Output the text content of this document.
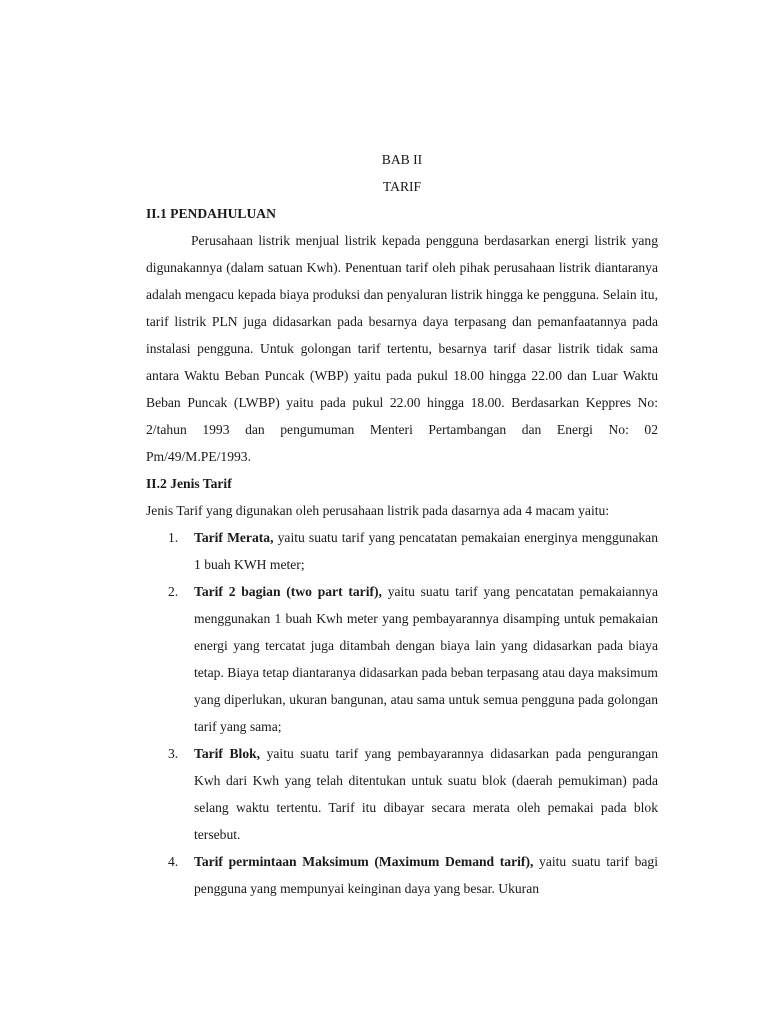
BAB II
TARIF
II.1 PENDAHULUAN

Perusahaan listrik menjual listrik kepada pengguna berdasarkan energi listrik yang digunakannya (dalam satuan Kwh). Penentuan tarif oleh pihak perusahaan listrik diantaranya adalah mengacu kepada biaya produksi dan penyaluran listrik hingga ke pengguna. Selain itu, tarif listrik PLN juga didasarkan pada besarnya daya terpasang dan pemanfaatannya pada instalasi pengguna. Untuk golongan tarif tertentu, besarnya tarif dasar listrik tidak sama antara Waktu Beban Puncak (WBP) yaitu pada pukul 18.00 hingga 22.00 dan Luar Waktu Beban Puncak (LWBP) yaitu pada pukul 22.00 hingga 18.00. Berdasarkan Keppres No: 2/tahun 1993 dan pengumuman Menteri Pertambangan dan Energi No: 02

Pm/49/M.PE/1993.

II.2 Jenis Tarif

Jenis Tarif yang digunakan oleh perusahaan listrik pada dasarnya ada 4 macam yaitu:

1. Tarif Merata, yaitu suatu tarif yang pencatatan pemakaian energinya menggunakan 1 buah KWH meter;
2. Tarif 2 bagian (two part tarif), yaitu suatu tarif yang pencatatan pemakaiannya menggunakan 1 buah Kwh meter yang pembayarannya disamping untuk pemakaian energi yang tercatat juga ditambah dengan biaya lain yang didasarkan pada biaya tetap. Biaya tetap diantaranya didasarkan pada beban terpasang atau daya maksimum yang diperlukan, ukuran bangunan, atau sama untuk semua pengguna pada golongan tarif yang sama;
3. Tarif Blok, yaitu suatu tarif yang pembayarannya didasarkan pada pengurangan Kwh dari Kwh yang telah ditentukan untuk suatu blok (daerah pemukiman) pada selang waktu tertentu. Tarif itu dibayar secara merata oleh pemakai pada blok tersebut.
4. Tarif permintaan Maksimum (Maximum Demand tarif), yaitu suatu tarif bagi pengguna yang mempunyai keinginan daya yang besar. Ukuran
